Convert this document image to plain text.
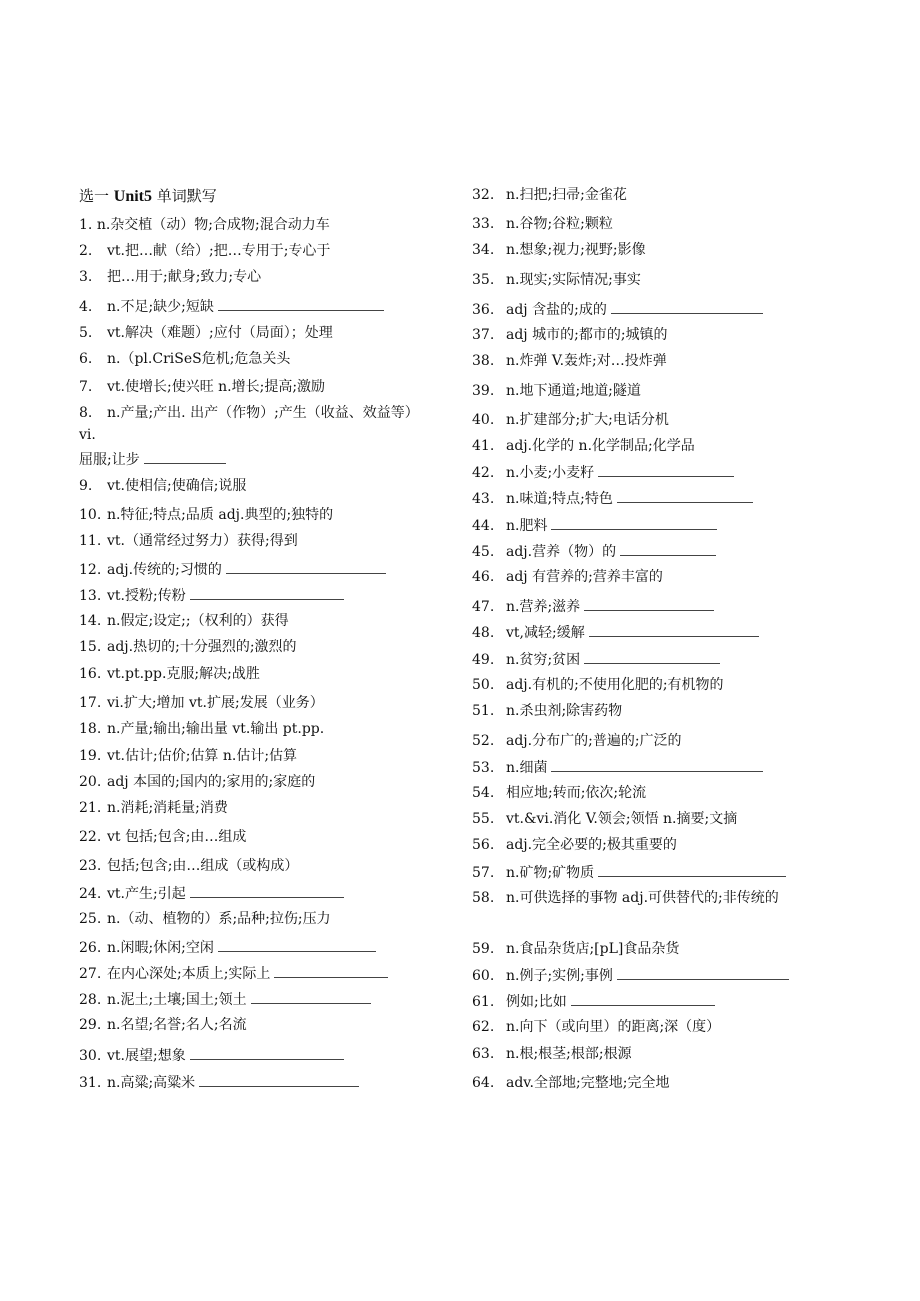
选一 Unit5 单词默写
1. n.杂交植（动）物;合成物;混合动力车
2. vt.把…献（给）;把…专用于;专心于
3. 把…用于;献身;致力;专心
4. n.不足;缺少;短缺
5. vt.解决（难题）;应付（局面）；处理
6. n.（pl.CriSeS危机;危急关头
7. vt.使增长;使兴旺 n.增长;提高;激励
8. n.产量;产出. 出产（作物）;产生（收益、效益等）
vi.
屈服;让步
9. vt.使相信;使确信;说服
10. n.特征;特点;品质 adj.典型的;独特的
11. vt.（通常经过努力）获得;得到
12. adj.传统的;习惯的
13. vt.授粉;传粉
14. n.假定;设定;;（权利的）获得
15. adj.热切的;十分强烈的;激烈的
16. vt.pt.pp.克服;解决;战胜
17. vi.扩大;增加 vt.扩展;发展（业务）
18. n.产量;输出;输出量 vt.输出 pt.pp.
19. vt.估计;估价;估算 n.估计;估算
20. adj 本国的;国内的;家用的;家庭的
21. n.消耗;消耗量;消费
22. vt 包括;包含;由…组成
23. 包括;包含;由…组成（或构成）
24. vt.产生;引起
25. n.（动、植物的）系;品种;拉伤;压力
26. n.闲暇;休闲;空闲
27. 在内心深处;本质上;实际上
28. n.泥土;土壤;国土;领土
29. n.名望;名誉;名人;名流
30. vt.展望;想象
31. n.高粱;高粱米
32. n.扫把;扫帚;金雀花
33. n.谷物;谷粒;颗粒
34. n.想象;视力;视野;影像
35. n.现实;实际情况;事实
36. adj 含盐的;成的
37. adj 城市的;都市的;城镇的
38. n.炸弹 V.轰炸;对…投炸弹
39. n.地下通道;地道;隧道
40. n.扩建部分;扩大;电话分机
41. adj.化学的 n.化学制品;化学品
42. n.小麦;小麦籽
43. n.味道;特点;特色
44. n.肥料
45. adj.营养（物）的
46. adj 有营养的;营养丰富的
47. n.营养;滋养
48. vt,减轻;缓解
49. n.贫穷;贫困
50. adj.有机的;不使用化肥的;有机物的
51. n.杀虫剂;除害药物
52. adj.分布广的;普遍的;广泛的
53. n.细菌
54. 相应地;转而;依次;轮流
55. vt.&vi.消化 V.领会;领悟 n.摘要;文摘
56. adj.完全必要的;极其重要的
57. n.矿物;矿物质
58. n.可供选择的事物 adj.可供替代的;非传统的
59. n.食品杂货店;[pL]食品杂货
60. n.例子;实例;事例
61. 例如;比如
62. n.向下（或向里）的距离;深（度）
63. n.根;根茎;根部;根源
64. adv.全部地;完整地;完全地
